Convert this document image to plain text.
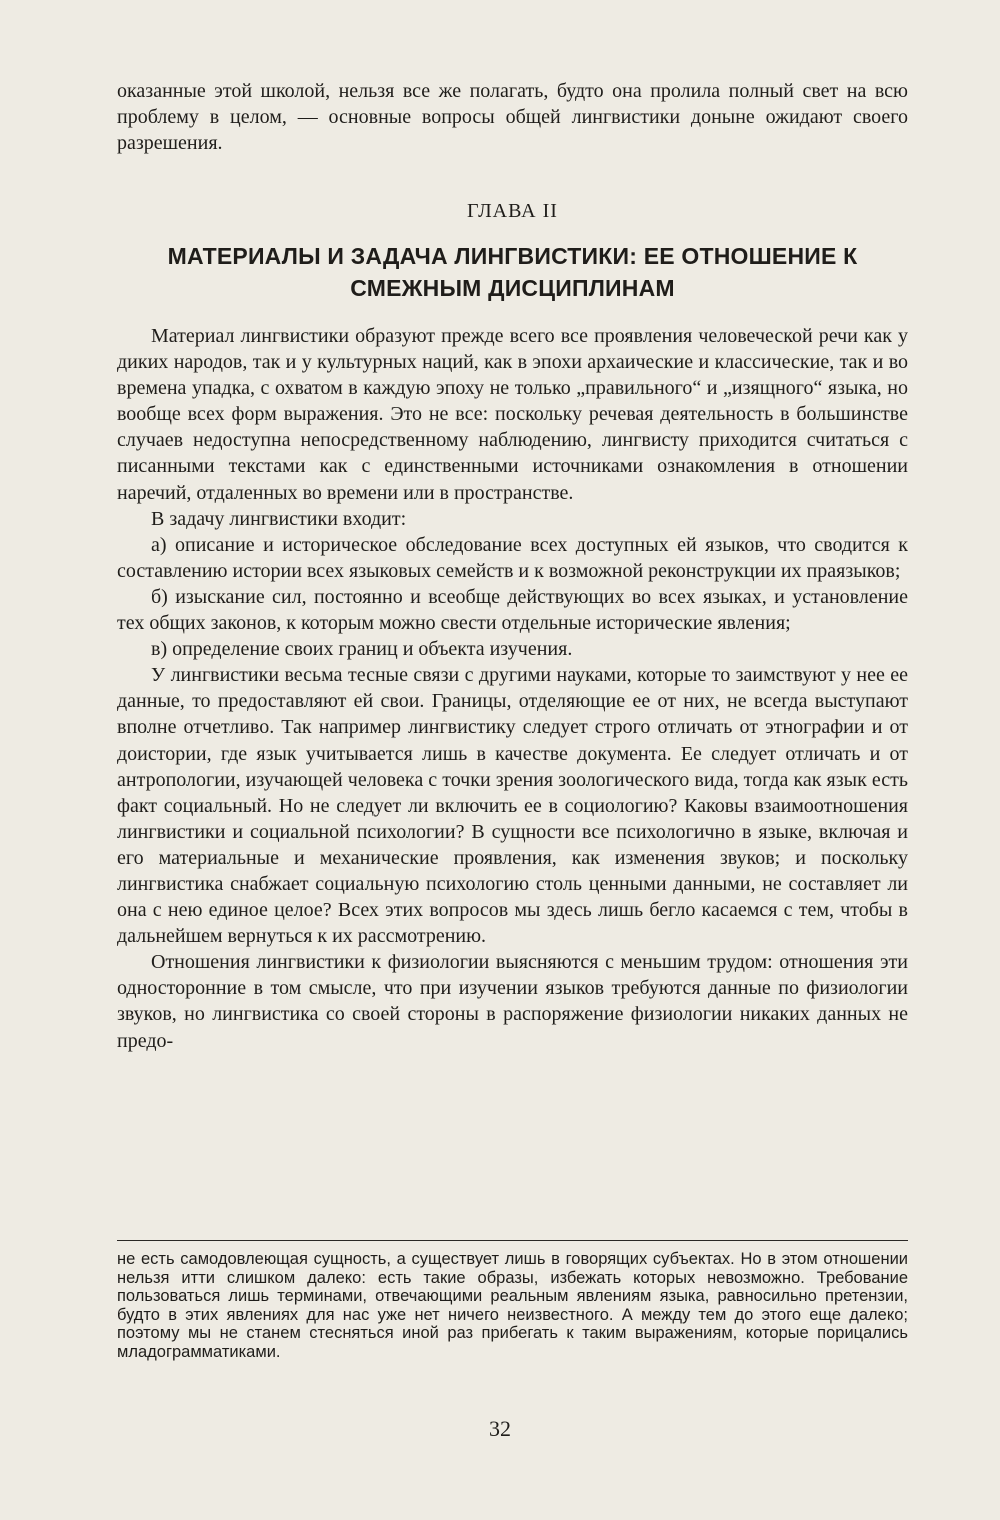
оказанные этой школой, нельзя все же полагать, будто она пролила полный свет на всю проблему в целом, — основные вопросы общей лингвистики доныне ожидают своего разрешения.

ГЛАВА II
МАТЕРИАЛЫ И ЗАДАЧА ЛИНГВИСТИКИ: ЕЕ ОТНОШЕНИЕ К СМЕЖНЫМ ДИСЦИПЛИНАМ

Материал лингвистики образуют прежде всего все проявления человеческой речи как у диких народов, так и у культурных наций, как в эпохи архаические и классические, так и во времена упадка, с охватом в каждую эпоху не только „правильного“ и „изящного“ языка, но вообще всех форм выражения. Это не все: поскольку речевая деятельность в большинстве случаев недоступна непосредственному наблюдению, лингвисту приходится считаться с писанными текстами как с единственными источниками ознакомления в отношении наречий, отдаленных во времени или в пространстве.

В задачу лингвистики входит:

а) описание и историческое обследование всех доступных ей языков, что сводится к составлению истории всех языковых семейств и к возможной реконструкции их праязыков;

б) изыскание сил, постоянно и всеобще действующих во всех языках, и установление тех общих законов, к которым можно свести отдельные исторические явления;

в) определение своих границ и объекта изучения.

У лингвистики весьма тесные связи с другими науками, которые то заимствуют у нее ее данные, то предоставляют ей свои. Границы, отделяющие ее от них, не всегда выступают вполне отчетливо. Так например лингвистику следует строго отличать от этнографии и от доистории, где язык учитывается лишь в качестве документа. Ее следует отличать и от антропологии, изучающей человека с точки зрения зоологического вида, тогда как язык есть факт социальный. Но не следует ли включить ее в социологию? Каковы взаимоотношения лингвистики и социальной психологии? В сущности все психологично в языке, включая и его материальные и механические проявления, как изменения звуков; и поскольку лингвистика снабжает социальную психологию столь ценными данными, не составляет ли она с нею единое целое? Всех этих вопросов мы здесь лишь бегло касаемся с тем, чтобы в дальнейшем вернуться к их рассмотрению.

Отношения лингвистики к физиологии выясняются с меньшим трудом: отношения эти односторонние в том смысле, что при изучении языков требуются данные по физиологии звуков, но лингвистика со своей стороны в распоряжение физиологии никаких данных не предо-

не есть самодовлеющая сущность, а существует лишь в говорящих субъектах. Но в этом отношении нельзя итти слишком далеко: есть такие образы, избежать которых невозможно. Требование пользоваться лишь терминами, отвечающими реальным явлениям языка, равносильно претензии, будто в этих явлениях для нас уже нет ничего неизвестного. А между тем до этого еще далеко; поэтому мы не станем стесняться иной раз прибегать к таким выражениям, которые порицались младограмматиками.

32
